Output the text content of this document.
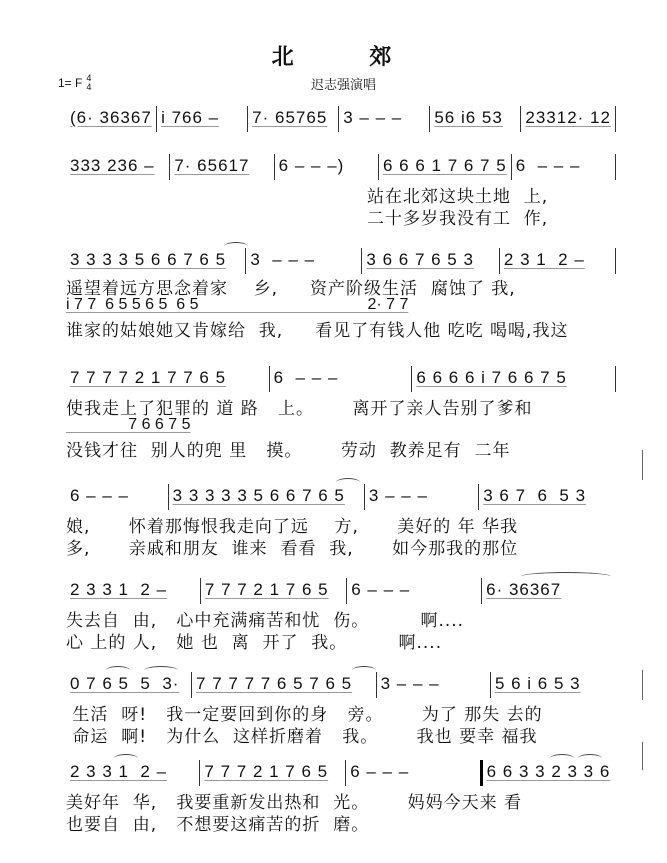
北 郊
1= F 4
4	迟志强演唱
(6· 36367 i 766 –	7· 65765 3 – – –	56 i6 53	23312· 12
333 236 –	7· 65617	6 – – –)	6 6 6 1 7 6 7 5 6  – – –
站在北郊这块土地  上,
二十多岁我没有工  作,
3 3 3 3 5 6 6 7 6 5	3  – – –	3 6 6 7 6 5 3	2 3 1  2 –
遥望着远方思念着家    乡,     资产阶级生活  腐蚀了 我,
i 7 7  6 5 5 6 5  6 5                                      2· 7 7
谁家的姑娘她又肯嫁给  我,     看见了有钱人他 吃吃 喝喝,我这
7 7 7 7 2 1 7 7 6 5	6  – – –	6 6 6 6 i 7 6 6 7 5
使我走上了犯罪的 道 路   上。      离开了亲人告别了爹和
7 6 6 7 5
没钱才往  别人的兜 里   摸。      劳动  教养足有  二年
6 – – –	3 3 3 3 3 5 6 6 7 6 5	3 – – –	3 6 7  6  5 3
娘,      怀着那悔恨我走向了远    方,      美好的 年 华我
多,      亲戚和朋友  谁来  看看  我,      如今那我的那位
2 3 3 1  2 –	7 7 7 2 1 7 6 5	6 – – –	6· 36367
失去自  由,   心中充满痛苦和忧  伤。        啊....
心 上的 人,   她 也  离  开了  我。        啊....
0 7 6 5  5  3· 7 7 7 7 7 6 5 7 6 5	3 – – –	5 6 i 6 5 3
生活  呀!   我一定要回到你的身   旁。      为了 那失 去的
命运  啊!   为什么  这样折磨着   我。      我也 要幸 福我
2 3 3 1  2 –	7 7 7 2 1 7 6 5	6 – – –	6 6 3 3 2 3 3 6
美好年  华,   我要重新发出热和  光。      妈妈今天来 看
也要自  由,   不想要这痛苦的折  磨。
